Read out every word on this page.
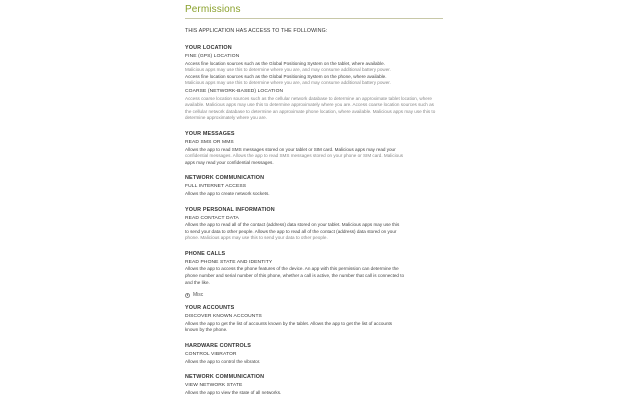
Permissions
THIS APPLICATION HAS ACCESS TO THE FOLLOWING:
YOUR LOCATION
FINE (GPS) LOCATION
Access fine location sources such as the Global Positioning System on the tablet, where available.
Malicious apps may use this to determine where you are, and may consume additional battery power.
Access fine location sources such as the Global Positioning System on the phone, where available.
Malicious apps may use this to determine where you are, and may consume additional battery power.
COARSE (NETWORK-BASED) LOCATION
Access coarse location sources such as the cellular network database to determine an approximate tablet location, where available. Malicious apps may use this to determine approximately where you are. Access coarse location sources such as the cellular network database to determine an approximate phone location, where available. Malicious apps may use this to determine approximately where you are.
YOUR MESSAGES
READ SMS OR MMS
Allows the app to read SMS messages stored on your tablet or SIM card. Malicious apps may read your
confidential messages. Allows the app to read SMS messages stored on your phone or SIM card. Malicious
apps may read your confidential messages.
NETWORK COMMUNICATION
FULL INTERNET ACCESS
Allows the app to create network sockets.
YOUR PERSONAL INFORMATION
READ CONTACT DATA
Allows the app to read all of the contact (address) data stored on your tablet. Malicious apps may use this
to send your data to other people. Allows the app to read all of the contact (address) data stored on your
phone. Malicious apps may use this to send your data to other people.
PHONE CALLS
READ PHONE STATE AND IDENTITY
Allows the app to access the phone features of the device. An app with this permission can determine the
phone number and serial number of this phone, whether a call is active, the number that call is connected to
and the like.
Misc
YOUR ACCOUNTS
DISCOVER KNOWN ACCOUNTS
Allows the app to get the list of accounts known by the tablet. Allows the app to get the list of accounts
known by the phone.
HARDWARE CONTROLS
CONTROL VIBRATOR
Allows the app to control the vibrator.
NETWORK COMMUNICATION
VIEW NETWORK STATE
Allows the app to view the state of all networks.
